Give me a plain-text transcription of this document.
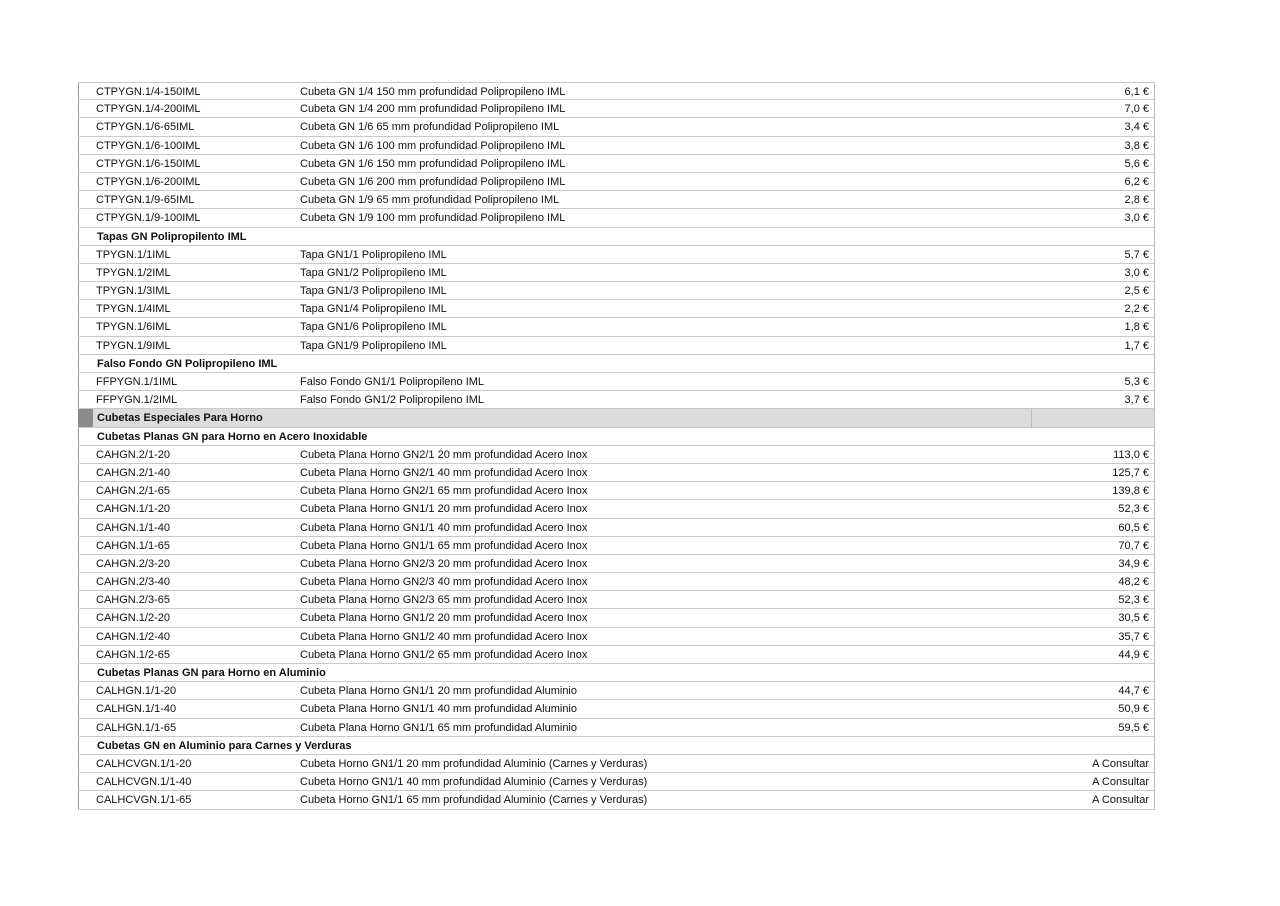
CTPYGN.1/4-150IML	Cubeta GN 1/4 150 mm profundidad Polipropileno IML	6,1 €
CTPYGN.1/4-200IML	Cubeta GN 1/4 200 mm profundidad Polipropileno IML	7,0 €
CTPYGN.1/6-65IML	Cubeta GN 1/6 65 mm profundidad Polipropileno IML	3,4 €
CTPYGN.1/6-100IML	Cubeta GN 1/6 100 mm profundidad Polipropileno IML	3,8 €
CTPYGN.1/6-150IML	Cubeta GN 1/6 150 mm profundidad Polipropileno IML	5,6 €
CTPYGN.1/6-200IML	Cubeta GN 1/6 200 mm profundidad Polipropileno IML	6,2 €
CTPYGN.1/9-65IML	Cubeta GN 1/9 65 mm profundidad Polipropileno IML	2,8 €
CTPYGN.1/9-100IML	Cubeta GN 1/9 100 mm profundidad Polipropileno IML	3,0 €
Tapas GN Polipropilento IML
TPYGN.1/1IML	Tapa GN1/1 Polipropileno IML	5,7 €
TPYGN.1/2IML	Tapa GN1/2 Polipropileno IML	3,0 €
TPYGN.1/3IML	Tapa GN1/3 Polipropileno IML	2,5 €
TPYGN.1/4IML	Tapa GN1/4 Polipropileno IML	2,2 €
TPYGN.1/6IML	Tapa GN1/6 Polipropileno IML	1,8 €
TPYGN.1/9IML	Tapa GN1/9 Polipropileno IML	1,7 €
Falso Fondo GN Polipropileno IML
FFPYGN.1/1IML	Falso Fondo GN1/1 Polipropileno IML	5,3 €
FFPYGN.1/2IML	Falso Fondo GN1/2 Polipropileno IML	3,7 €
Cubetas Especiales Para Horno
Cubetas Planas GN para Horno en Acero Inoxidable
CAHGN.2/1-20	Cubeta Plana Horno GN2/1 20 mm profundidad Acero Inox	113,0 €
CAHGN.2/1-40	Cubeta Plana Horno GN2/1 40 mm profundidad Acero Inox	125,7 €
CAHGN.2/1-65	Cubeta Plana Horno GN2/1 65 mm profundidad Acero Inox	139,8 €
CAHGN.1/1-20	Cubeta Plana Horno GN1/1 20 mm profundidad Acero Inox	52,3 €
CAHGN.1/1-40	Cubeta Plana Horno GN1/1 40 mm profundidad Acero Inox	60,5 €
CAHGN.1/1-65	Cubeta Plana Horno GN1/1 65 mm profundidad Acero Inox	70,7 €
CAHGN.2/3-20	Cubeta Plana Horno GN2/3 20 mm profundidad Acero Inox	34,9 €
CAHGN.2/3-40	Cubeta Plana Horno GN2/3 40 mm profundidad Acero Inox	48,2 €
CAHGN.2/3-65	Cubeta Plana Horno GN2/3 65 mm profundidad Acero Inox	52,3 €
CAHGN.1/2-20	Cubeta Plana Horno GN1/2 20 mm profundidad Acero Inox	30,5 €
CAHGN.1/2-40	Cubeta Plana Horno GN1/2 40 mm profundidad Acero Inox	35,7 €
CAHGN.1/2-65	Cubeta Plana Horno GN1/2 65 mm profundidad Acero Inox	44,9 €
Cubetas Planas GN para Horno en Aluminio
CALHGN.1/1-20	Cubeta Plana Horno GN1/1 20 mm profundidad Aluminio	44,7 €
CALHGN.1/1-40	Cubeta Plana Horno GN1/1 40 mm profundidad Aluminio	50,9 €
CALHGN.1/1-65	Cubeta Plana Horno GN1/1 65 mm profundidad Aluminio	59,5 €
Cubetas GN en Aluminio para Carnes y Verduras
CALHCVGN.1/1-20	Cubeta Horno GN1/1 20 mm profundidad Aluminio (Carnes y Verduras)	A Consultar
CALHCVGN.1/1-40	Cubeta Horno GN1/1 40 mm profundidad Aluminio (Carnes y Verduras)	A Consultar
CALHCVGN.1/1-65	Cubeta Horno GN1/1 65 mm profundidad Aluminio (Carnes y Verduras)	A Consultar
